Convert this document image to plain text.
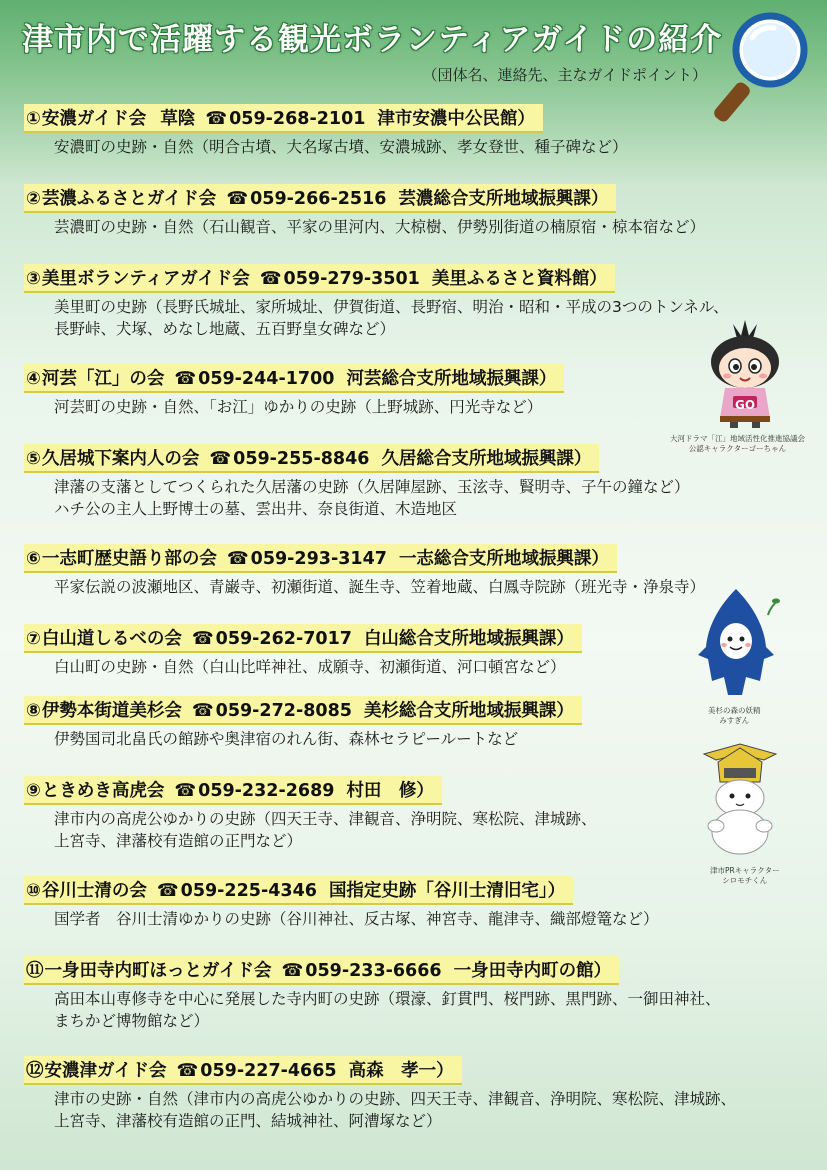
津市内で活躍する観光ボランティアガイドの紹介
（団体名、連絡先、主なガイドポイント）
①安濃ガイド会 草陰 ☎ 059-268-2101 津市安濃中公民館）
安濃町の史跡・自然（明合古墳、大名塚古墳、安濃城跡、孝女登世、種子碑など）
②芸濃ふるさとガイド会 ☎ 059-266-2516 芸濃総合支所地域振興課）
芸濃町の史跡・自然（石山観音、平家の里河内、大椋樹、伊勢別街道の楠原宿・椋本宿など）
③美里ボランティアガイド会 ☎ 059-279-3501 美里ふるさと資料館）
美里町の史跡（長野氏城址、家所城址、伊賀街道、長野宿、明治・昭和・平成の3つのトンネル、
長野峠、犬塚、めなし地蔵、五百野皇女碑など）
④河芸「江」の会 ☎ 059-244-1700 河芸総合支所地域振興課）
河芸町の史跡・自然、「お江」ゆかりの史跡（上野城跡、円光寺など）
⑤久居城下案内人の会 ☎ 059-255-8846 久居総合支所地域振興課）
津藩の支藩としてつくられた久居藩の史跡（久居陣屋跡、玉泫寺、賢明寺、子午の鐘など）
ハチ公の主人上野博士の墓、雲出井、奈良街道、木造地区
⑥一志町歴史語り部の会 ☎ 059-293-3147 一志総合支所地域振興課）
平家伝説の波瀬地区、青巌寺、初瀬街道、誕生寺、笠着地蔵、白鳳寺院跡（班光寺・浄泉寺）
⑦白山道しるべの会 ☎ 059-262-7017 白山総合支所地域振興課）
白山町の史跡・自然（白山比咩神社、成願寺、初瀬街道、河口頓宮など）
⑧伊勢本街道美杉会 ☎ 059-272-8085 美杉総合支所地域振興課）
伊勢国司北畠氏の館跡や奥津宿のれん街、森林セラピールートなど
⑨ときめき高虎会 ☎ 059-232-2689 村田　修）
津市内の高虎公ゆかりの史跡（四天王寺、津観音、浄明院、寒松院、津城跡、
上宮寺、津藩校有造館の正門など）
⑩谷川士清の会 ☎ 059-225-4346 国指定史跡「谷川士清旧宅」）
国学者　谷川士清ゆかりの史跡（谷川神社、反古塚、神宮寺、龍津寺、織部燈篭など）
⑪一身田寺内町ほっとガイド会 ☎ 059-233-6666 一身田寺内町の館）
高田本山専修寺を中心に発展した寺内町の史跡（環濠、釘貫門、桜門跡、黒門跡、一御田神社、
まちかど博物館など）
⑫安濃津ガイド会 ☎ 059-227-4665 高森　孝一）
津市の史跡・自然（津市内の高虎公ゆかりの史跡、四天王寺、津観音、浄明院、寒松院、津城跡、
上宮寺、津藩校有造館の正門、結城神社、阿漕塚など）
GO
大河ドラマ「江」地域活性化推進協議会
公認キャラクターゴーちゃん
美杉の森の妖精
みすぎん
津市PRキャラクター
シロモチくん
